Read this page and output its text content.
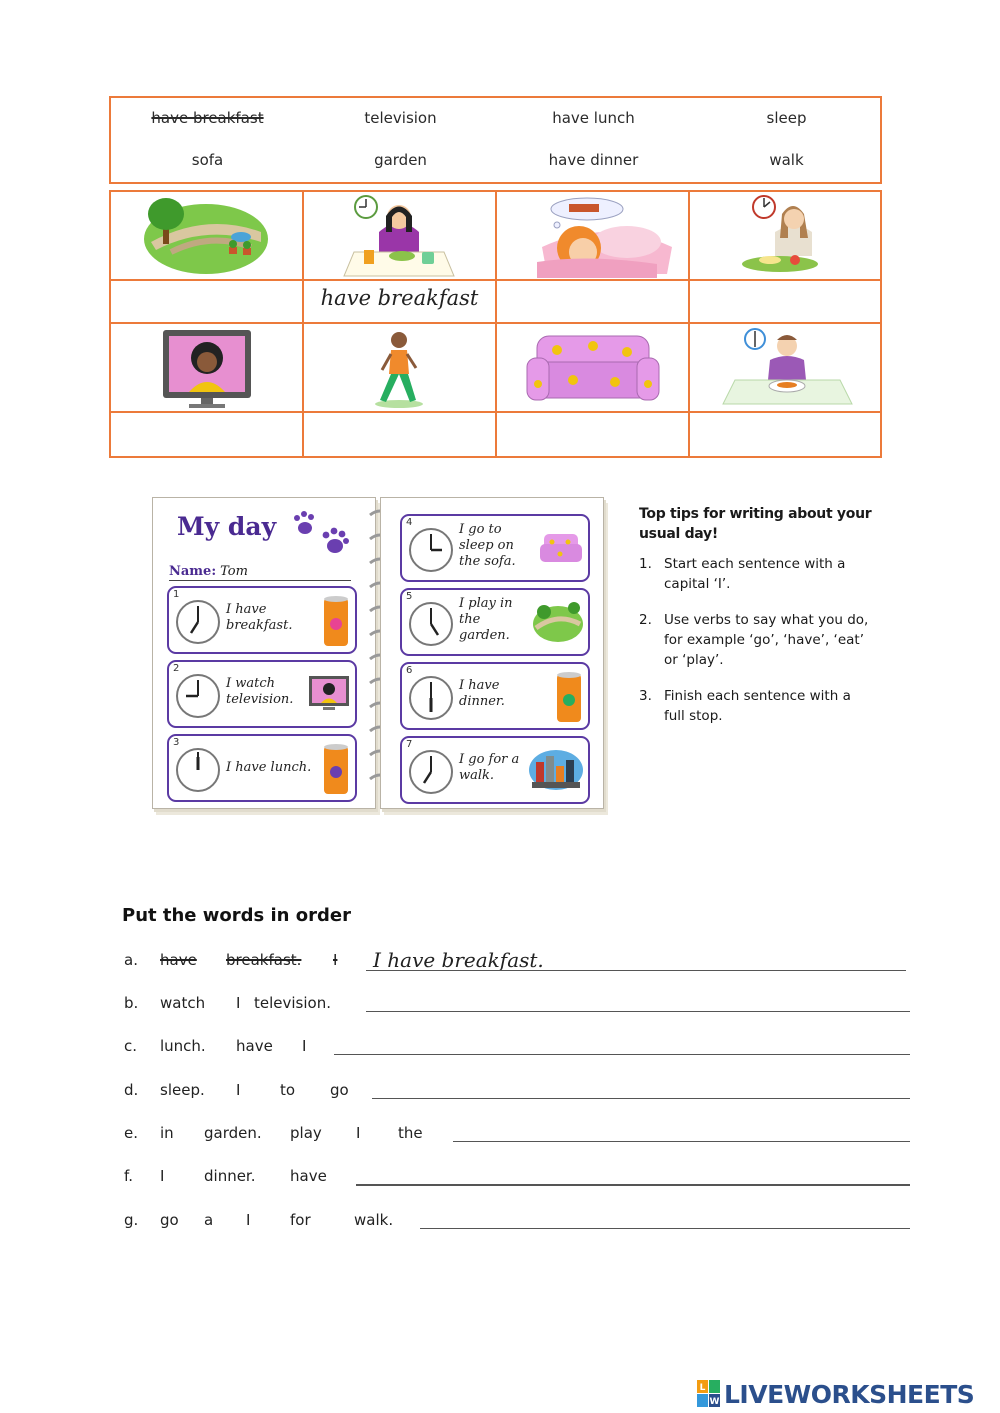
have breakfast	television	have lunch	sleep
sofa	garden	have dinner	walk
have breakfast
My day
Name: Tom
1
I have breakfast.
2
I watch television.
3
I have lunch.
4	I go to sleep on the sofa.
5	I play in the garden.
6
I have dinner.
7
I go for a walk.
Top tips for writing about your usual day!
1. Start each sentence with a capital ‘I’.
2. Use verbs to say what you do, for example ‘go’, ‘have’, ‘eat’ or ‘play’.
3. Finish each sentence with a full stop.
Put the words in order
a. have breakfast. I I have breakfast.
b. watch I television.
c. lunch. have I
d. sleep. I	to go
e. in garden. play I	the
f. I	dinner. have
g. go a I	for	walk.
L
W LIVEWORKSHEETS
